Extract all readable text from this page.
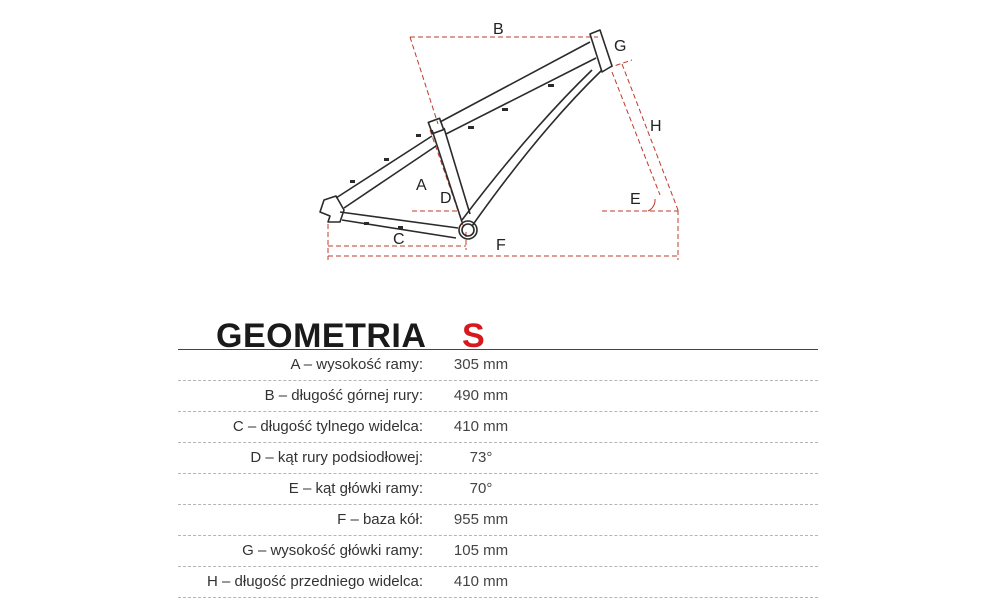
B
G
H
A
D	E
C	F
GEOMETRIA S
A – wysokość ramy:	305 mm
B – długość górnej rury:	490 mm
C – długość tylnego widelca:	410 mm
D – kąt rury podsiodłowej:	73°
E – kąt główki ramy:	70°
F – baza kół:	955 mm
G – wysokość główki ramy:	105 mm
H – długość przedniego widelca:	410 mm
